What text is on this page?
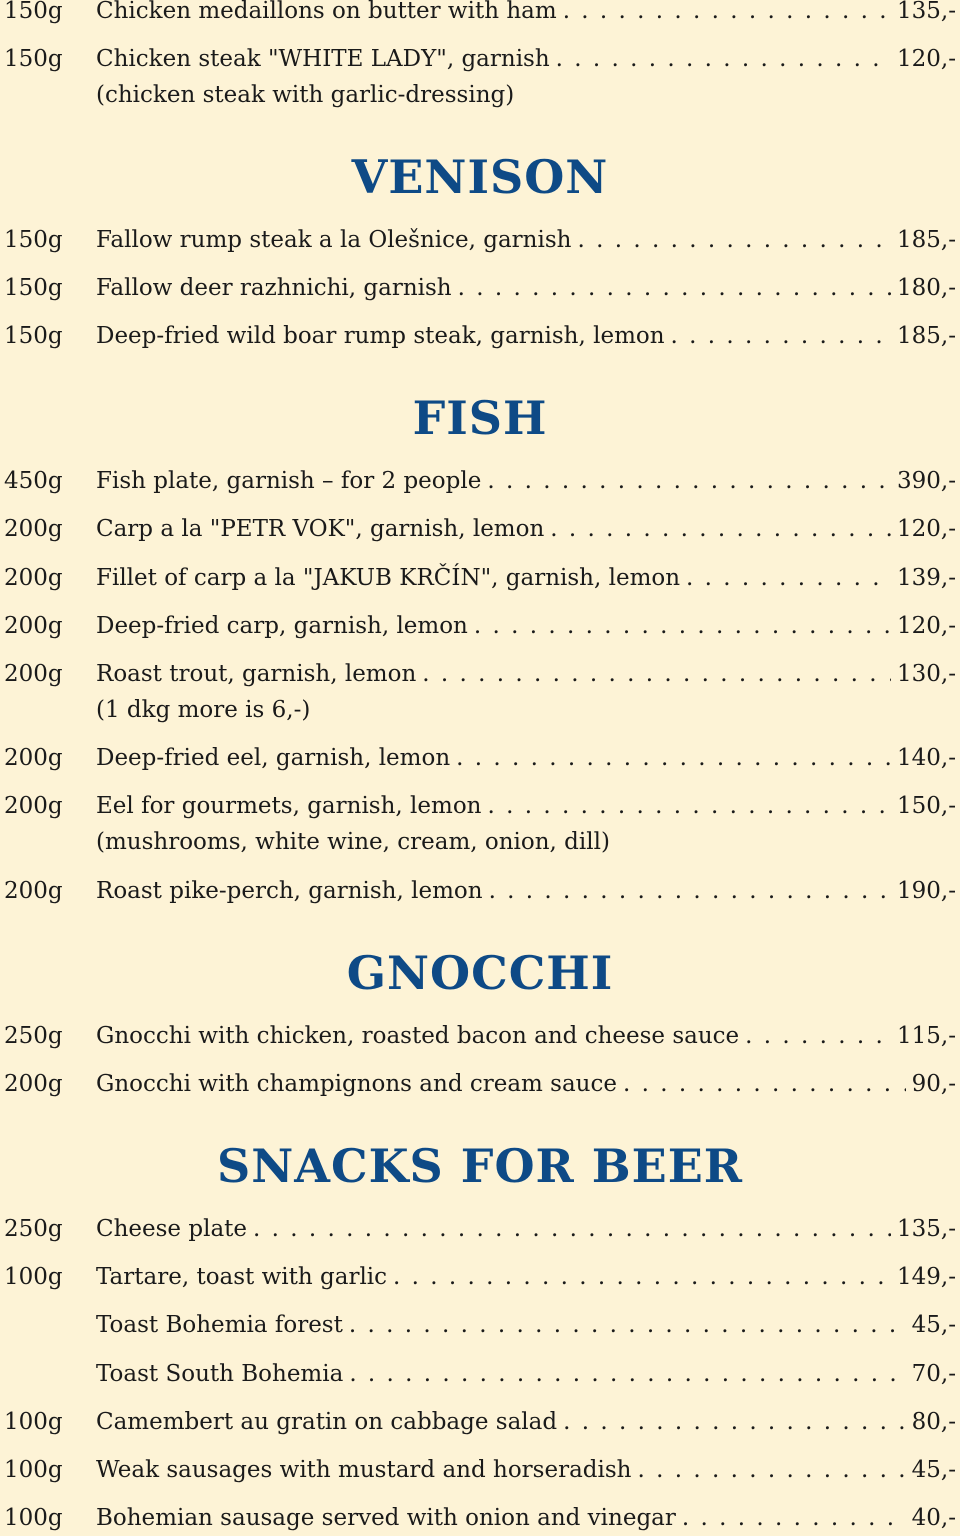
150g Chicken medaillons on butter with ham . . .	135,-
150g Chicken steak "WHITE LADY", garnish . . .	120,-
(chicken steak with garlic-dressing)
VENISON
150g Fallow rump steak a la Olešnice, garnish . . .	185,-
150g Fallow deer razhnichi, garnish . . .	180,-
150g Deep-fried wild boar rump steak, garnish, lemon . . .	185,-
FISH
450g Fish plate, garnish – for 2 people . . .	390,-
200g Carp a la "PETR VOK", garnish, lemon . . .	120,-
200g Fillet of carp a la "JAKUB KRČÍN", garnish, lemon . . .	139,-
200g Deep-fried carp, garnish, lemon . . .	120,-
200g Roast trout, garnish, lemon . . .	130,-
(1 dkg more is 6,-)
200g Deep-fried eel, garnish, lemon . . .	140,-
200g Eel for gourmets, garnish, lemon . . .	150,-
(mushrooms, white wine, cream, onion, dill)
200g Roast pike-perch, garnish, lemon . . .	190,-
GNOCCHI
250g Gnocchi with chicken, roasted bacon and cheese sauce . . .	115,-
200g Gnocchi with champignons and cream sauce . . .	90,-
SNACKS FOR BEER
250g Cheese plate . . .	135,-
100g Tartare, toast with garlic . . .	149,-
Toast Bohemia forest . . .	45,-
Toast South Bohemia . . .	70,-
100g Camembert au gratin on cabbage salad . . .	80,-
100g Weak sausages with mustard and horseradish . . .	45,-
100g Bohemian sausage served with onion and vinegar . . .	40,-
